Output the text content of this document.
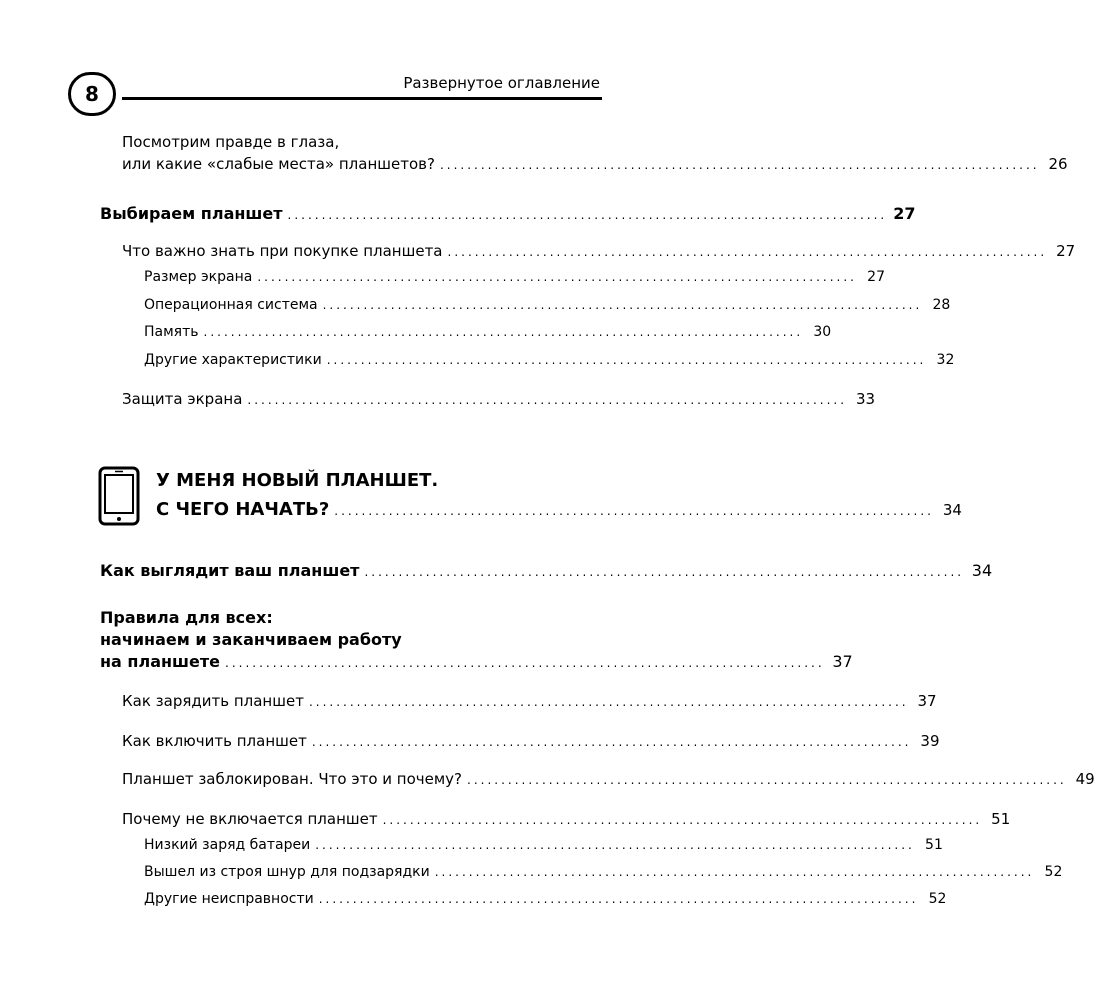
8	Развернутое оглавление
Посмотрим правде в глаза,
или какие «слабые места» планшетов? ........................................................................................ 26
Выбираем планшет ........................................................................................ 27
Что важно знать при покупке планшета ........................................................................................ 27
Размер экрана ........................................................................................ 27
Операционная система ........................................................................................ 28
Память ........................................................................................ 30
Другие характеристики ........................................................................................ 32
Защита экрана ........................................................................................ 33
У МЕНЯ НОВЫЙ ПЛАНШЕТ.
С ЧЕГО НАЧАТЬ? ........................................................................................ 34
Как выглядит ваш планшет ........................................................................................ 34
Правила для всех:
начинаем и заканчиваем работу
на планшете ........................................................................................ 37
Как зарядить планшет ........................................................................................ 37
Как включить планшет ........................................................................................ 39
Планшет заблокирован. Что это и почему? ........................................................................................ 49
Почему не включается планшет ........................................................................................ 51
Низкий заряд батареи ........................................................................................ 51
Вышел из строя шнур для подзарядки ........................................................................................ 52
Другие неисправности ........................................................................................ 52
